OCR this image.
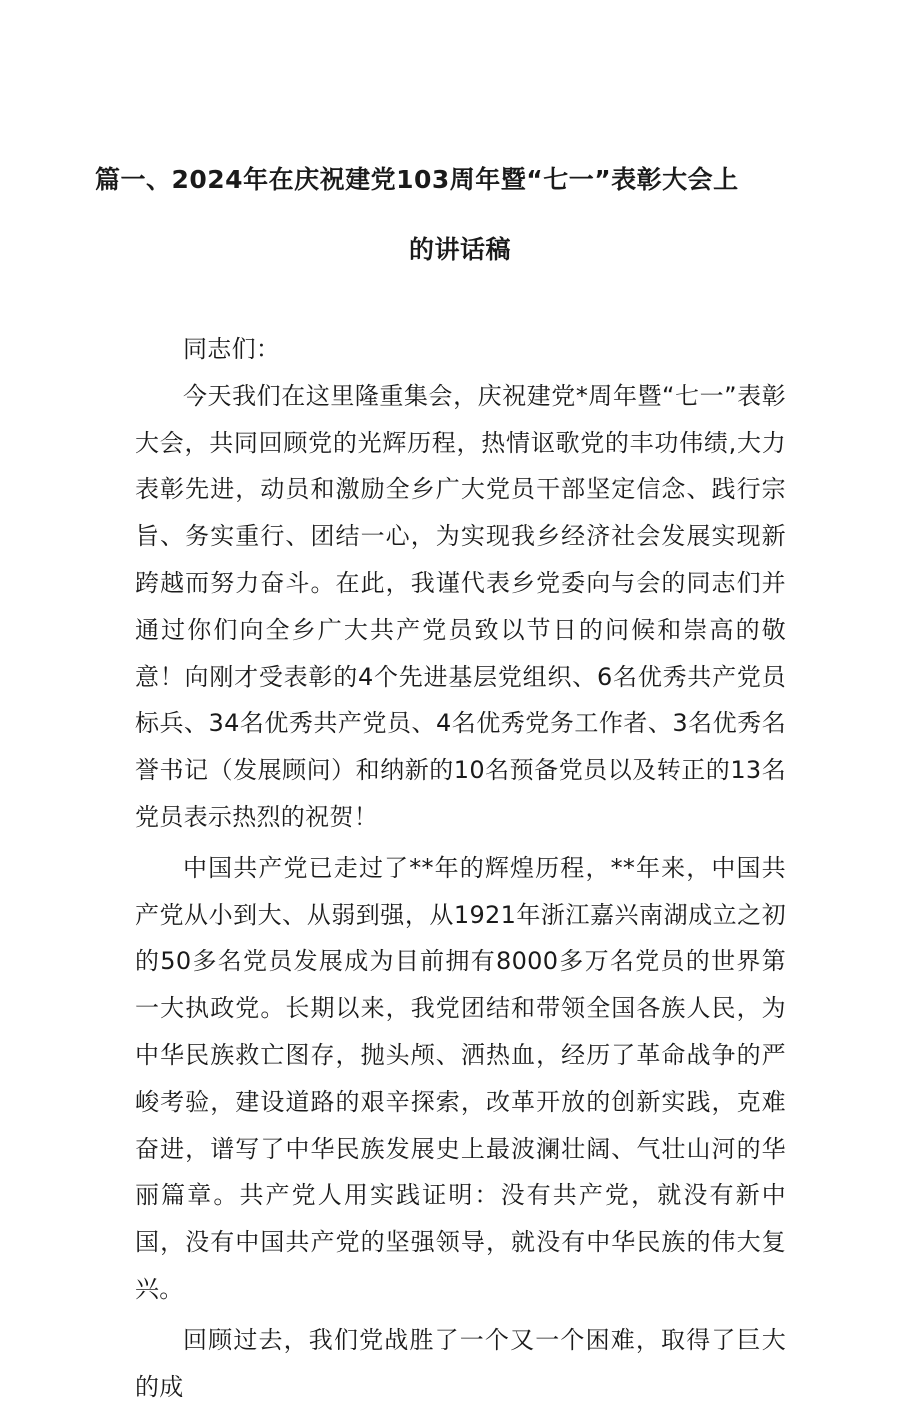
篇一、2024年在庆祝建党103周年暨“七一”表彰大会上
的讲话稿

同志们：

今天我们在这里隆重集会，庆祝建党*周年暨“七一”表彰大会，共同回顾党的光辉历程，热情讴歌党的丰功伟绩,大力表彰先进，动员和激励全乡广大党员干部坚定信念、践行宗旨、务实重行、团结一心，为实现我乡经济社会发展实现新跨越而努力奋斗。在此，我谨代表乡党委向与会的同志们并通过你们向全乡广大共产党员致以节日的问候和崇高的敬意！向刚才受表彰的4个先进基层党组织、6名优秀共产党员标兵、34名优秀共产党员、4名优秀党务工作者、3名优秀名誉书记（发展顾问）和纳新的10名预备党员以及转正的13名党员表示热烈的祝贺！

中国共产党已走过了**年的辉煌历程，**年来，中国共产党从小到大、从弱到强，从1921年浙江嘉兴南湖成立之初的50多名党员发展成为目前拥有8000多万名党员的世界第一大执政党。长期以来，我党团结和带领全国各族人民，为中华民族救亡图存，抛头颅、洒热血，经历了革命战争的严峻考验，建设道路的艰辛探索，改革开放的创新实践，克难奋进，谱写了中华民族发展史上最波澜壮阔、气壮山河的华丽篇章。共产党人用实践证明：没有共产党，就没有新中国，没有中国共产党的坚强领导，就没有中华民族的伟大复兴。

回顾过去，我们党战胜了一个又一个困难，取得了巨大的成
